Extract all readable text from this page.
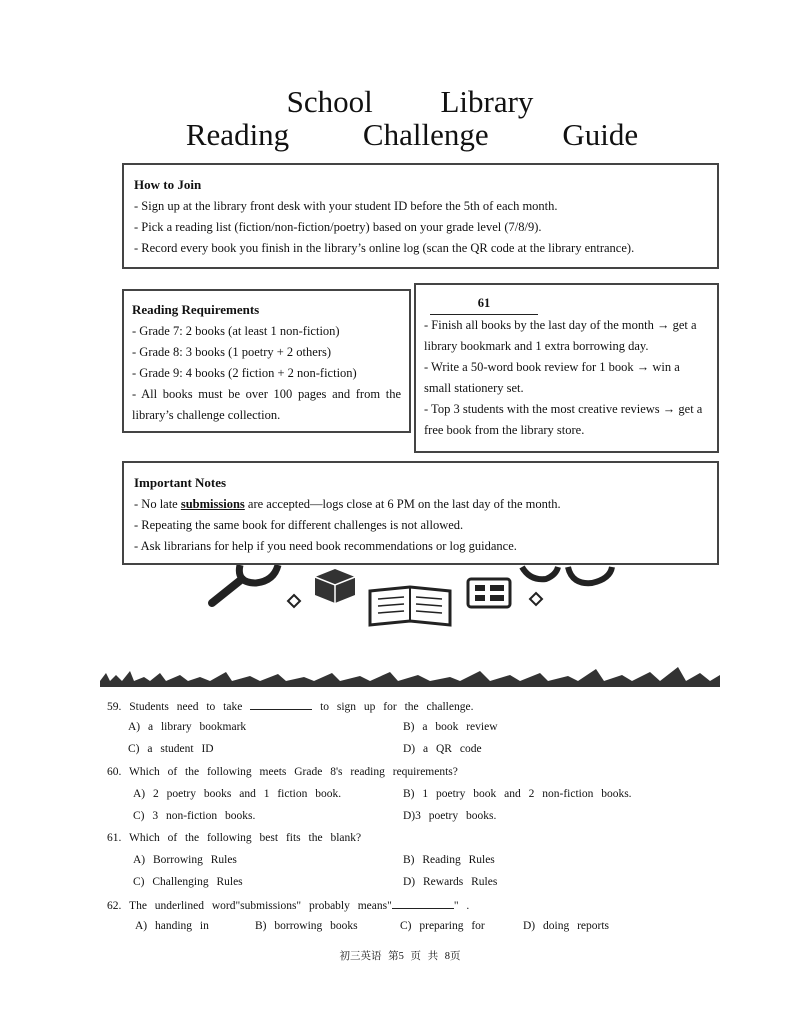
School Library
Reading Challenge Guide

How to Join

- Sign up at the library front desk with your student ID before the 5th of each month.

- Pick a reading list (fiction/non-fiction/poetry) based on your grade level (7/8/9).

- Record every book you finish in the library’s online log (scan the QR code at the library entrance).

Reading Requirements

- Grade 7: 2 books (at least 1 non-fiction)

- Grade 8: 3 books (1 poetry + 2 others)

- Grade 9: 4 books (2 fiction + 2 non-fiction)

- All books must be over 100 pages and from the library’s challenge collection.

61

- Finish all books by the last day of the month → get a library bookmark and 1 extra borrowing day.

- Write a 50-word book review for 1 book → win a small stationery set.

- Top 3 students with the most creative reviews → get a free book from the library store.

Important Notes

- No late submissions are accepted—logs close at 6 PM on the last day of the month.

- Repeating the same book for different challenges is not allowed.

- Ask librarians for help if you need book recommendations or log guidance.

59. Students need to take	to sign up for the challenge.
A) a library bookmark	B) a book review
C) a student ID	D) a QR code
60. Which of the following meets Grade 8's reading requirements?
A) 2 poetry books and 1 fiction book.	B) 1 poetry book and 2 non-fiction books.
C) 3 non-fiction books.	D)3 poetry books.
61. Which of the following best fits the blank?
A) Borrowing Rules	B) Reading Rules
C) Challenging Rules	D) Rewards Rules
62. The underlined word"submissions" probably means"	" .
A) handing in	B) borrowing books	C) preparing for	D) doing reports
初三英语 第5 页 共 8页
